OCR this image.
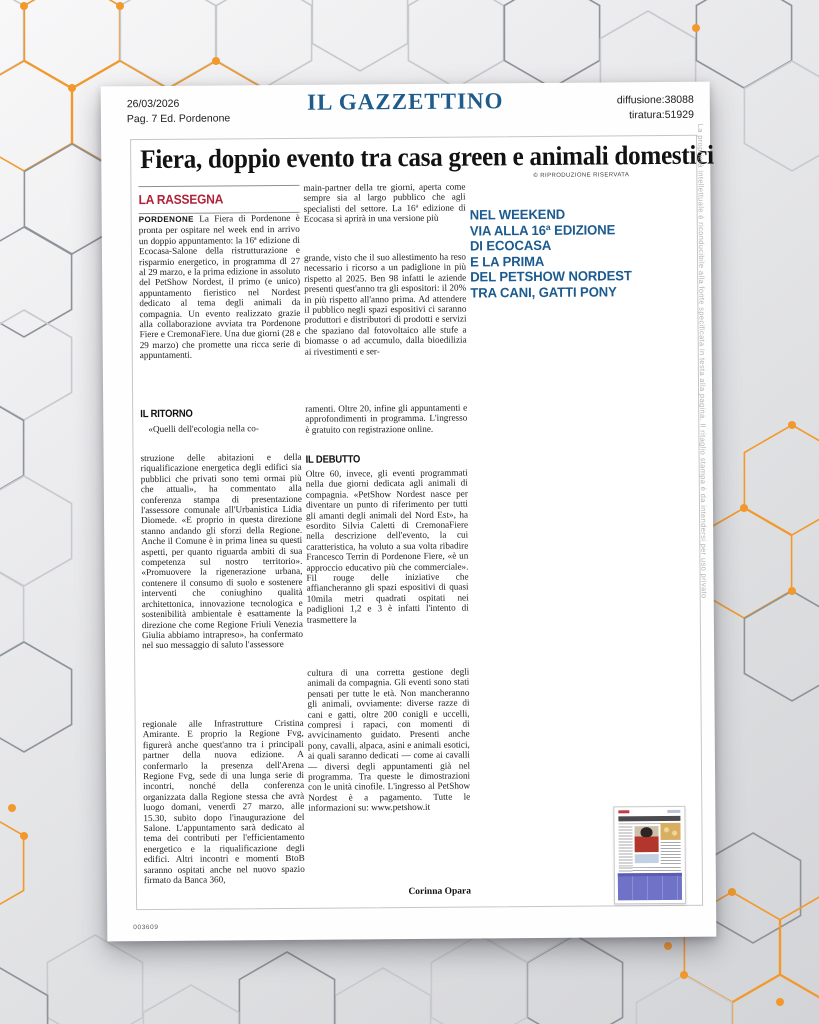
26/03/2026
Pag. 7 Ed. Pordenone
IL GAZZETTINO	diffusione:38088
tiratura:51929
Fiera, doppio evento tra casa green e animali domestici
LA RASSEGNA

PORDENONE La Fiera di Pordenone è pronta per ospitare nel week end in arrivo un doppio appuntamento: la 16ª edizione di Ecocasa-Salone della ristrutturazione e risparmio energetico, in programma dl 27 al 29 marzo, e la prima edizione in assoluto del PetShow Nordest, il primo (e unico) appuntamento fieristico nel Nordest dedicato al tema degli animali da compagnia. Un evento realizzato grazie alla collaborazione avviata tra Pordenone Fiere e CremonaFiere. Una due giorni (28 e 29 marzo) che promette una ricca serie di appuntamenti.

IL RITORNO
«Quelli dell'ecologia nella co-

struzione delle abitazioni e della riqualificazione energetica degli edifici sia pubblici che privati sono temi ormai più che attuali», ha commentato alla conferenza stampa di presentazione l'assessore comunale all'Urbanistica Lidia Diomede. «E proprio in questa direzione stanno andando gli sforzi della Regione. Anche il Comune è in prima linea su questi aspetti, per quanto riguarda ambiti di sua competenza sul nostro territorio». «Promuovere la rigenerazione urbana, contenere il consumo di suolo e sostenere interventi che coniughino qualità architettonica, innovazione tecnologica e sostenibilità ambientale è esattamente la direzione che come Regione Friuli Venezia Giulia abbiamo intrapreso», ha confermato nel suo messaggio di saluto l'assessore

regionale alle Infrastrutture Cristina Amirante. E proprio la Regione Fvg, figurerà anche quest'anno tra i principali partner della nuova edizione. A confermarlo la presenza dell'Arena Regione Fvg, sede di una lunga serie di incontri, nonché della conferenza organizzata dalla Regione stessa che avrà luogo domani, venerdì 27 marzo, alle 15.30, subito dopo l'inaugurazione del Salone. L'appuntamento sarà dedicato al tema dei contributi per l'efficientamento energetico e la riqualificazione degli edifici. Altri incontri e momenti BtoB saranno ospitati anche nel nuovo spazio firmato da Banca 360,

main-partner della tre giorni, aperta come sempre sia al largo pubblico che agli specialisti del settore. La 16ª edizione di Ecocasa si aprirà in una versione più

grande, visto che il suo allestimento ha reso necessario i ricorso a un padiglione in più rispetto al 2025. Ben 98 infatti le aziende presenti quest'anno tra gli espositori: il 20% in più rispetto all'anno prima. Ad attendere il pubblico negli spazi espositivi ci saranno produttori e distributori di prodotti e servizi che spaziano dal fotovoltaico alle stufe a biomasse o ad accumulo, dalla bioedilizia ai rivestimenti e ser-

ramenti. Oltre 20, infine gli appuntamenti e approfondimenti in programma. L'ingresso è gratuito con registrazione online.

IL DEBUTTO

Oltre 60, invece, gli eventi programmati nella due giorni dedicata agli animali di compagnia. «PetShow Nordest nasce per diventare un punto di riferimento per tutti gli amanti degli animali del Nord Est», ha esordito Silvia Caletti di CremonaFiere nella descrizione dell'evento, la cui caratteristica, ha voluto a sua volta ribadire Francesco Terrin di Pordenone Fiere, «è un approccio educativo più che commerciale». Fil rouge delle iniziative che affiancheranno gli spazi espositivi di quasi 10mila metri quadrati ospitati nei padiglioni 1,2 e 3 è infatti l'intento di trasmettere la

cultura di una corretta gestione degli animali da compagnia. Gli eventi sono stati pensati per tutte le età. Non mancheranno gli animali, ovviamente: diverse razze di cani e gatti, oltre 200 conigli e uccelli, compresi i rapaci, con momenti di avvicinamento guidato. Presenti anche pony, cavalli, alpaca, asini e animali esotici, ai quali saranno dedicati — come ai cavalli — diversi degli appuntamenti già nel programma. Tra queste le dimostrazioni con le unità cinofile. L'ingresso al PetShow Nordest è a pagamento. Tutte le informazioni su: www.petshow.it

Corinna Opara
© RIPRODUZIONE RISERVATA
NEL WEEKEND
VIA ALLA 16ª EDIZIONE
DI ECOCASA
E LA PRIMA
DEL PETSHOW NORDEST
TRA CANI, GATTI PONY
003609
La proprietà intellettuale è riconducibile alla fonte specificata in testa alla pagina. Il ritaglio stampa è da intendersi per uso privato
